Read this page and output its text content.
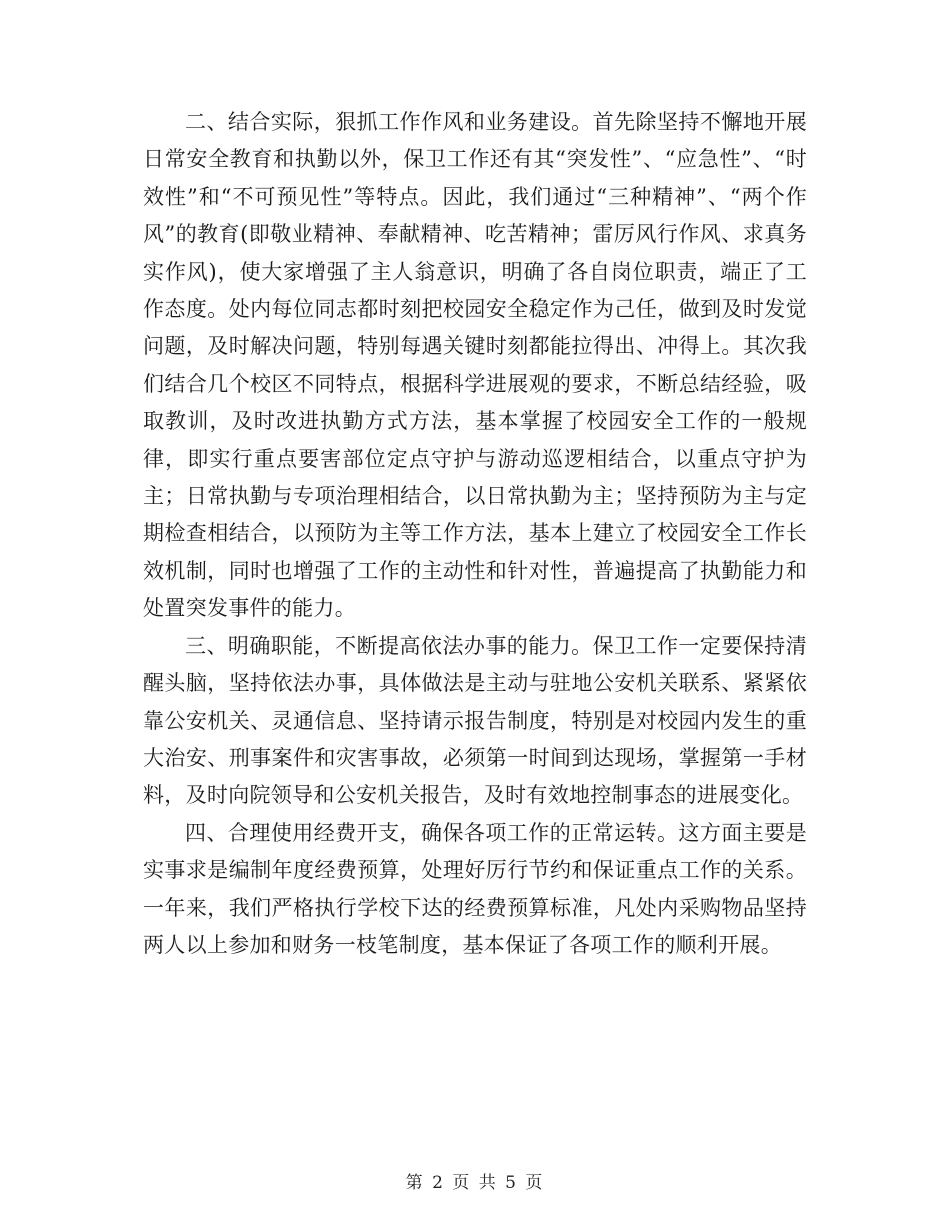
二、结合实际，狠抓工作作风和业务建设。首先除坚持不懈地开展日常安全教育和执勤以外，保卫工作还有其“突发性”、“应急性”、“时效性”和“不可预见性”等特点。因此，我们通过“三种精神”、“两个作风”的教育(即敬业精神、奉献精神、吃苦精神；雷厉风行作风、求真务实作风)，使大家增强了主人翁意识，明确了各自岗位职责，端正了工作态度。处内每位同志都时刻把校园安全稳定作为己任，做到及时发觉问题，及时解决问题，特别每遇关键时刻都能拉得出、冲得上。其次我们结合几个校区不同特点，根据科学进展观的要求，不断总结经验，吸取教训，及时改进执勤方式方法，基本掌握了校园安全工作的一般规律，即实行重点要害部位定点守护与游动巡逻相结合，以重点守护为主；日常执勤与专项治理相结合，以日常执勤为主；坚持预防为主与定期检查相结合，以预防为主等工作方法，基本上建立了校园安全工作长效机制，同时也增强了工作的主动性和针对性，普遍提高了执勤能力和处置突发事件的能力。

三、明确职能，不断提高依法办事的能力。保卫工作一定要保持清醒头脑，坚持依法办事，具体做法是主动与驻地公安机关联系、紧紧依靠公安机关、灵通信息、坚持请示报告制度，特别是对校园内发生的重大治安、刑事案件和灾害事故，必须第一时间到达现场，掌握第一手材料，及时向院领导和公安机关报告，及时有效地控制事态的进展变化。

四、合理使用经费开支，确保各项工作的正常运转。这方面主要是实事求是编制年度经费预算，处理好厉行节约和保证重点工作的关系。一年来，我们严格执行学校下达的经费预算标准，凡处内采购物品坚持两人以上参加和财务一枝笔制度，基本保证了各项工作的顺利开展。

第 2 页 共 5 页
